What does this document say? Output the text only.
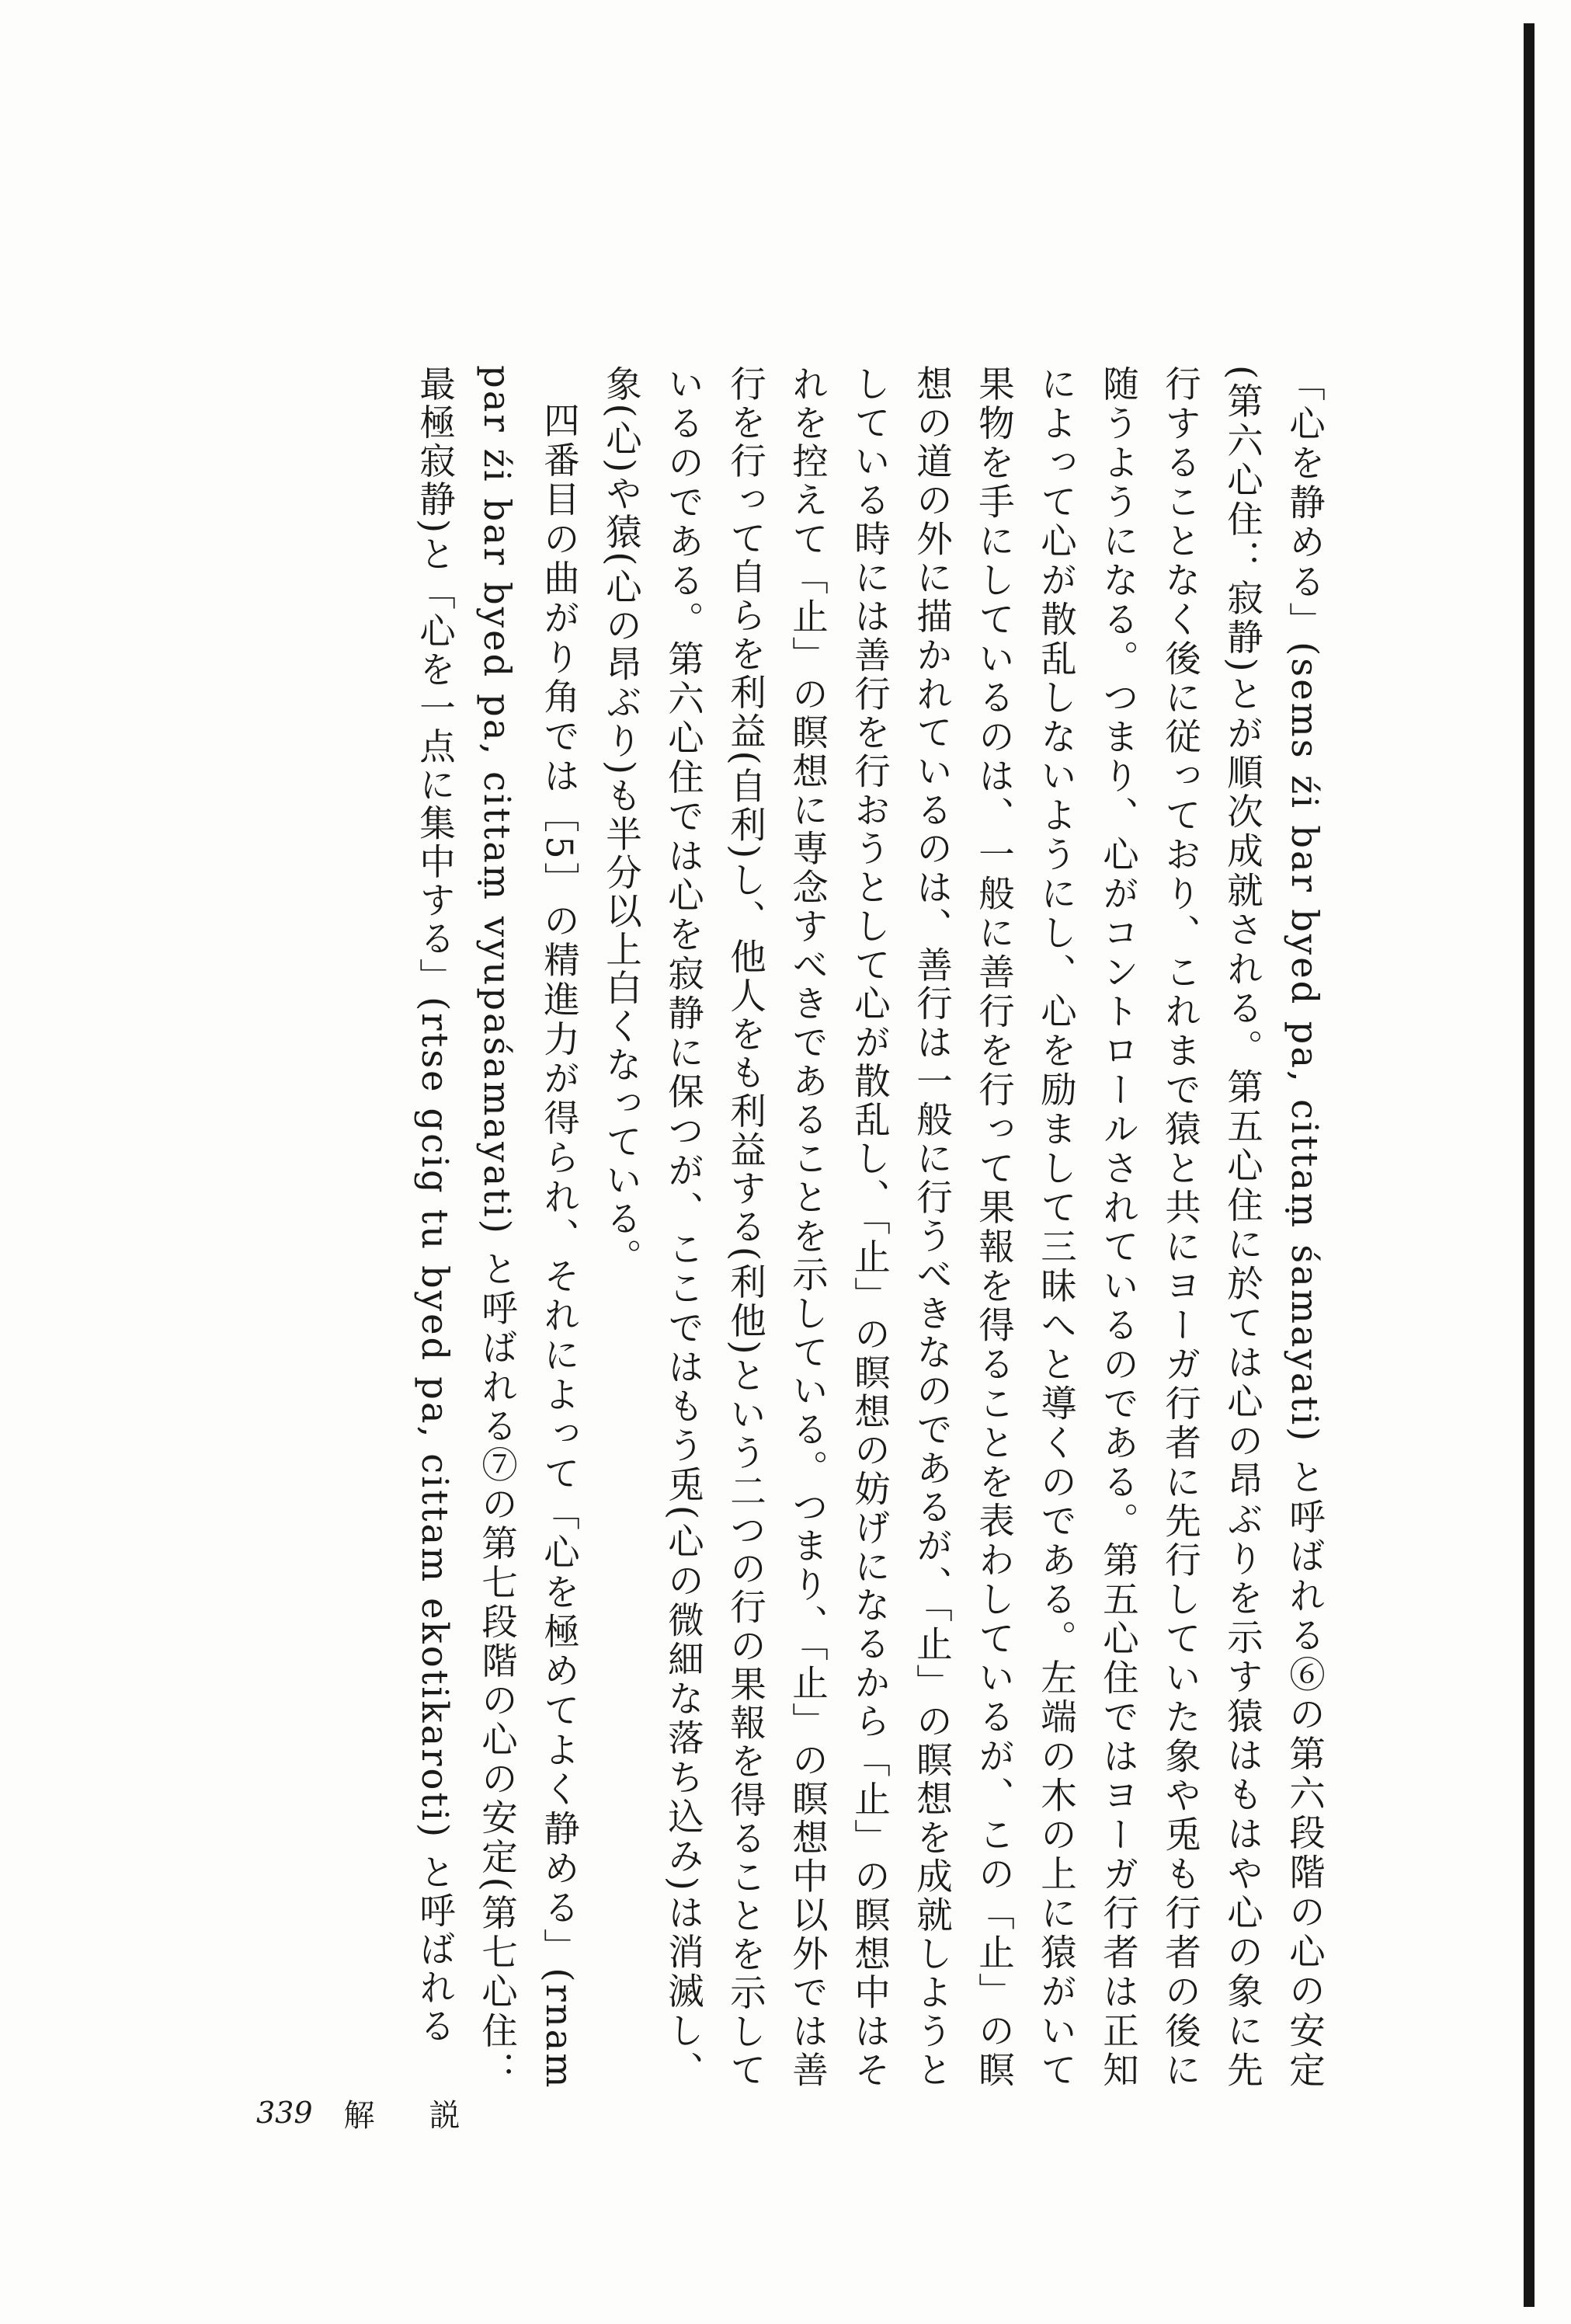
「心を静める」(sems źi bar byed pa, cittaṃ śamayati) と呼ばれる⑥の第六段階の心の安定(第六心住：寂静)とが順次成就される。第五心住に於ては心の昂ぶりを示す猿はもはや心の象に先行することなく後に従っており、これまで猿と共にヨーガ行者に先行していた象や兎も行者の後に随うようになる。つまり、心がコントロールされているのである。第五心住ではヨーガ行者は正知によって心が散乱しないようにし、心を励まして三昧へと導くのである。左端の木の上に猿がいて果物を手にしているのは、一般に善行を行って果報を得ることを表わしているが、この「止」の瞑想の道の外に描かれているのは、善行は一般に行うべきなのであるが、「止」の瞑想を成就しようとしている時には善行を行おうとして心が散乱し、「止」の瞑想の妨げになるから「止」の瞑想中はそれを控えて「止」の瞑想に専念すべきであることを示している。つまり、「止」の瞑想中以外では善行を行って自らを利益(自利)し、他人をも利益する(利他)という二つの行の果報を得ることを示しているのである。第六心住では心を寂静に保つが、ここではもう兎(心の微細な落ち込み)は消滅し、象(心)や猿(心の昂ぶり)も半分以上白くなっている。

四番目の曲がり角では［5］の精進力が得られ、それによって「心を極めてよく静める」(rnam par źi bar byed pa, cittaṃ vyupaśamayati) と呼ばれる⑦の第七段階の心の安定(第七心住：最極寂静)と「心を一点に集中する」(rtse gcig tu byed pa, cittam ekotikaroti) と呼ばれる

339 解説
